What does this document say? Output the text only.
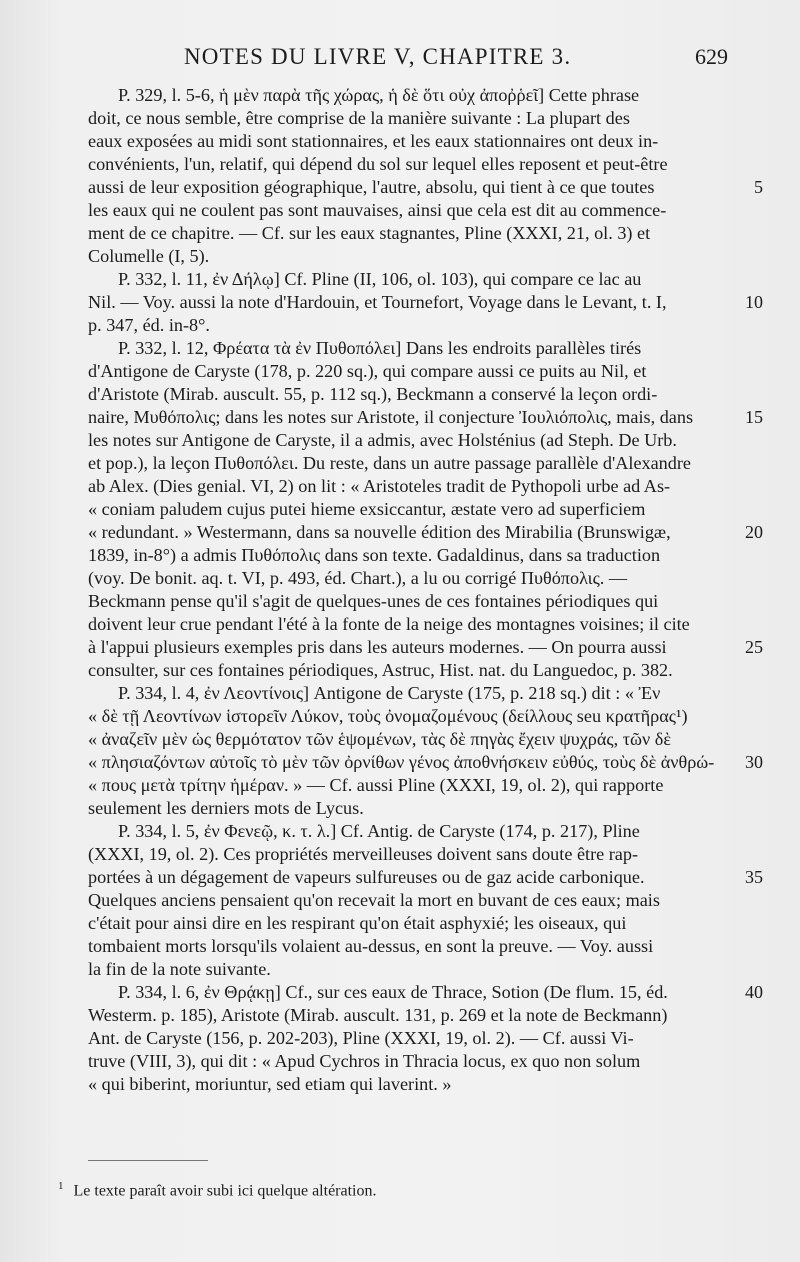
NOTES DU LIVRE V, CHAPITRE 3.	629
P. 329, l. 5-6, ἡ μὲν παρὰ τῆς χώρας, ἡ δὲ ὅτι οὐχ ἀποῤῥεῖ] Cette phrase
doit, ce nous semble, être comprise de la manière suivante : La plupart des
eaux exposées au midi sont stationnaires, et les eaux stationnaires ont deux in-
convénients, l'un, relatif, qui dépend du sol sur lequel elles reposent et peut-être
aussi de leur exposition géographique, l'autre, absolu, qui tient à ce que toutes
les eaux qui ne coulent pas sont mauvaises, ainsi que cela est dit au commence-
ment de ce chapitre. — Cf. sur les eaux stagnantes, Pline (XXXI, 21, ol. 3) et
Columelle (I, 5).
P. 332, l. 11, ἐν Δήλῳ] Cf. Pline (II, 106, ol. 103), qui compare ce lac au
Nil. — Voy. aussi la note d'Hardouin, et Tournefort, Voyage dans le Levant, t. I,
p. 347, éd. in-8°.
P. 332, l. 12, Φρέατα τὰ ἐν Πυθοπόλει] Dans les endroits parallèles tirés
d'Antigone de Caryste (178, p. 220 sq.), qui compare aussi ce puits au Nil, et
d'Aristote (Mirab. auscult. 55, p. 112 sq.), Beckmann a conservé la leçon ordi-
naire, Μυθόπολις; dans les notes sur Aristote, il conjecture Ἰουλιόπολις, mais, dans
les notes sur Antigone de Caryste, il a admis, avec Holsténius (ad Steph. De Urb.
et pop.), la leçon Πυθοπόλει. Du reste, dans un autre passage parallèle d'Alexandre
ab Alex. (Dies genial. VI, 2) on lit : « Aristoteles tradit de Pythopoli urbe ad As-
« coniam paludem cujus putei hieme exsiccantur, æstate vero ad superficiem
« redundant. » Westermann, dans sa nouvelle édition des Mirabilia (Brunswigæ,
1839, in-8°) a admis Πυθόπολις dans son texte. Gadaldinus, dans sa traduction
(voy. De bonit. aq. t. VI, p. 493, éd. Chart.), a lu ou corrigé Πυθόπολις. —
Beckmann pense qu'il s'agit de quelques-unes de ces fontaines périodiques qui
doivent leur crue pendant l'été à la fonte de la neige des montagnes voisines; il cite
à l'appui plusieurs exemples pris dans les auteurs modernes. — On pourra aussi
consulter, sur ces fontaines périodiques, Astruc, Hist. nat. du Languedoc, p. 382.
P. 334, l. 4, ἐν Λεοντίνοις] Antigone de Caryste (175, p. 218 sq.) dit : « Ἐν
« δὲ τῇ Λεοντίνων ἱστορεῖν Λύκον, τοὺς ὀνομαζομένους (δείλλους seu κρατῆρας¹)
« ἀναζεῖν μὲν ὡς θερμότατον τῶν ἑψομένων, τὰς δὲ πηγὰς ἔχειν ψυχράς, τῶν δὲ
« πλησιαζόντων αὐτοῖς τὸ μὲν τῶν ὀρνίθων γένος ἀποθνήσκειν εὐθύς, τοὺς δὲ ἀνθρώ-
« πους μετὰ τρίτην ἡμέραν. » — Cf. aussi Pline (XXXI, 19, ol. 2), qui rapporte
seulement les derniers mots de Lycus.
P. 334, l. 5, ἐν Φενεῷ, κ. τ. λ.] Cf. Antig. de Caryste (174, p. 217), Pline
(XXXI, 19, ol. 2). Ces propriétés merveilleuses doivent sans doute être rap-
portées à un dégagement de vapeurs sulfureuses ou de gaz acide carbonique.
Quelques anciens pensaient qu'on recevait la mort en buvant de ces eaux; mais
c'était pour ainsi dire en les respirant qu'on était asphyxié; les oiseaux, qui
tombaient morts lorsqu'ils volaient au-dessus, en sont la preuve. — Voy. aussi
la fin de la note suivante.
P. 334, l. 6, ἐν Θρᾴκῃ] Cf., sur ces eaux de Thrace, Sotion (De flum. 15, éd.
Westerm. p. 185), Aristote (Mirab. auscult. 131, p. 269 et la note de Beckmann)
Ant. de Caryste (156, p. 202-203), Pline (XXXI, 19, ol. 2). — Cf. aussi Vi-
truve (VIII, 3), qui dit : « Apud Cychros in Thracia locus, ex quo non solum
« qui biberint, moriuntur, sed etiam qui laverint. »
5
10
15
20
25
30
35
40
$^1$ Le texte paraît avoir subi ici quelque altération.
